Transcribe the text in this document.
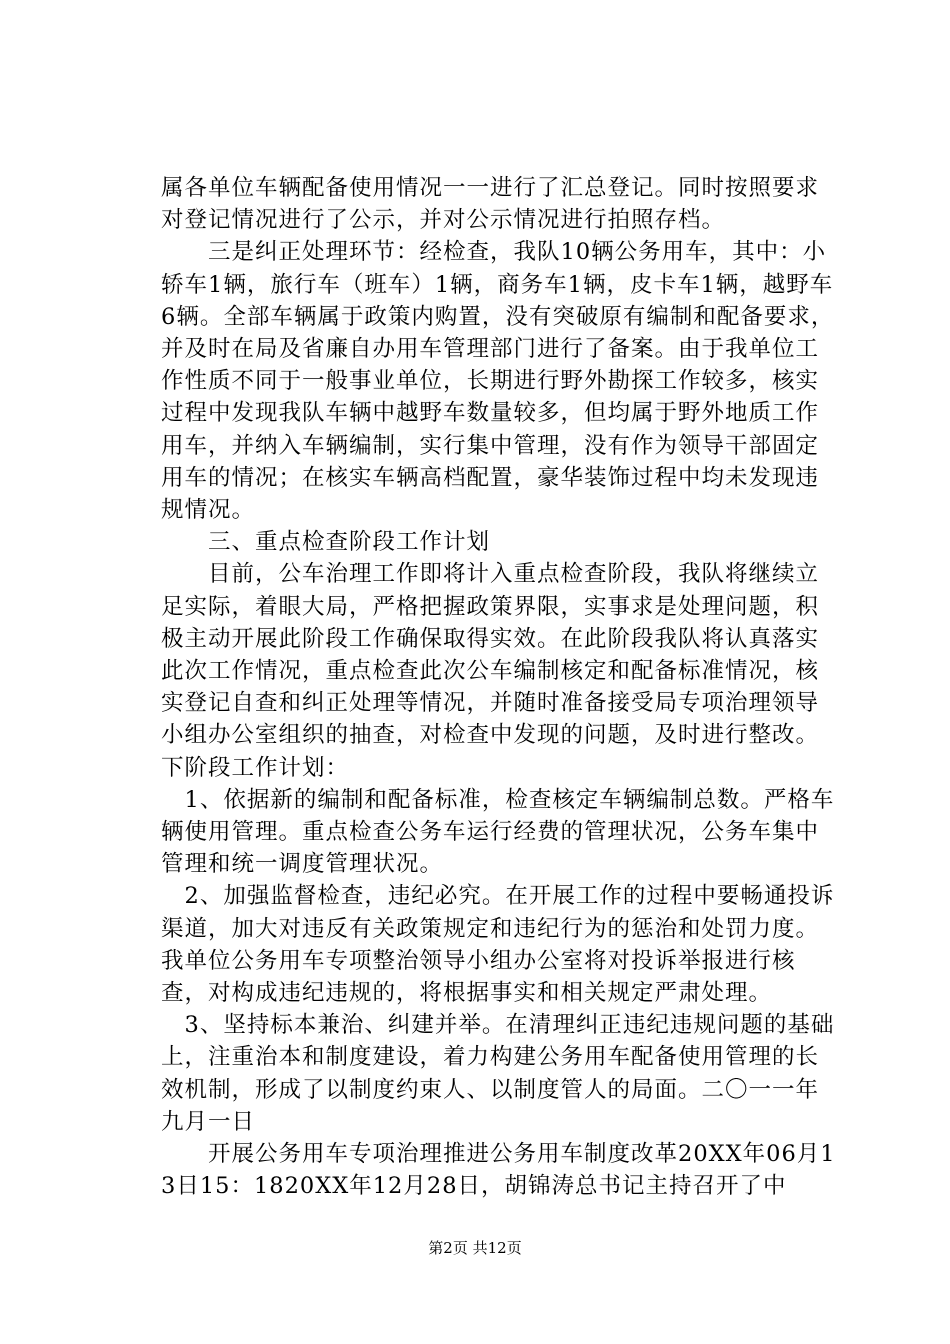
属各单位车辆配备使用情况一一进行了汇总登记。同时按照要求对登记情况进行了公示，并对公示情况进行拍照存档。

　　三是纠正处理环节：经检查，我队10辆公务用车，其中：小轿车1辆，旅行车（班车）1辆，商务车1辆，皮卡车1辆，越野车6辆。全部车辆属于政策内购置，没有突破原有编制和配备要求，并及时在局及省廉自办用车管理部门进行了备案。由于我单位工作性质不同于一般事业单位，长期进行野外勘探工作较多，核实过程中发现我队车辆中越野车数量较多，但均属于野外地质工作用车，并纳入车辆编制，实行集中管理，没有作为领导干部固定用车的情况；在核实车辆高档配置，豪华装饰过程中均未发现违规情况。

　　三、重点检查阶段工作计划

　　目前，公车治理工作即将计入重点检查阶段，我队将继续立足实际，着眼大局，严格把握政策界限，实事求是处理问题，积极主动开展此阶段工作确保取得实效。在此阶段我队将认真落实此次工作情况，重点检查此次公车编制核定和配备标准情况，核实登记自查和纠正处理等情况，并随时准备接受局专项治理领导小组办公室组织的抽查，对检查中发现的问题，及时进行整改。下阶段工作计划：

　1、依据新的编制和配备标准，检查核定车辆编制总数。严格车辆使用管理。重点检查公务车运行经费的管理状况，公务车集中管理和统一调度管理状况。

　2、加强监督检查，违纪必究。在开展工作的过程中要畅通投诉渠道，加大对违反有关政策规定和违纪行为的惩治和处罚力度。我单位公务用车专项整治领导小组办公室将对投诉举报进行核查，对构成违纪违规的，将根据事实和相关规定严肃处理。

　3、坚持标本兼治、纠建并举。在清理纠正违纪违规问题的基础上，注重治本和制度建设，着力构建公务用车配备使用管理的长效机制，形成了以制度约束人、以制度管人的局面。二〇一一年九月一日

　　开展公务用车专项治理推进公务用车制度改革20XX年06月13日15：1820XX年12月28日，胡锦涛总书记主持召开了中

第2页 共12页
